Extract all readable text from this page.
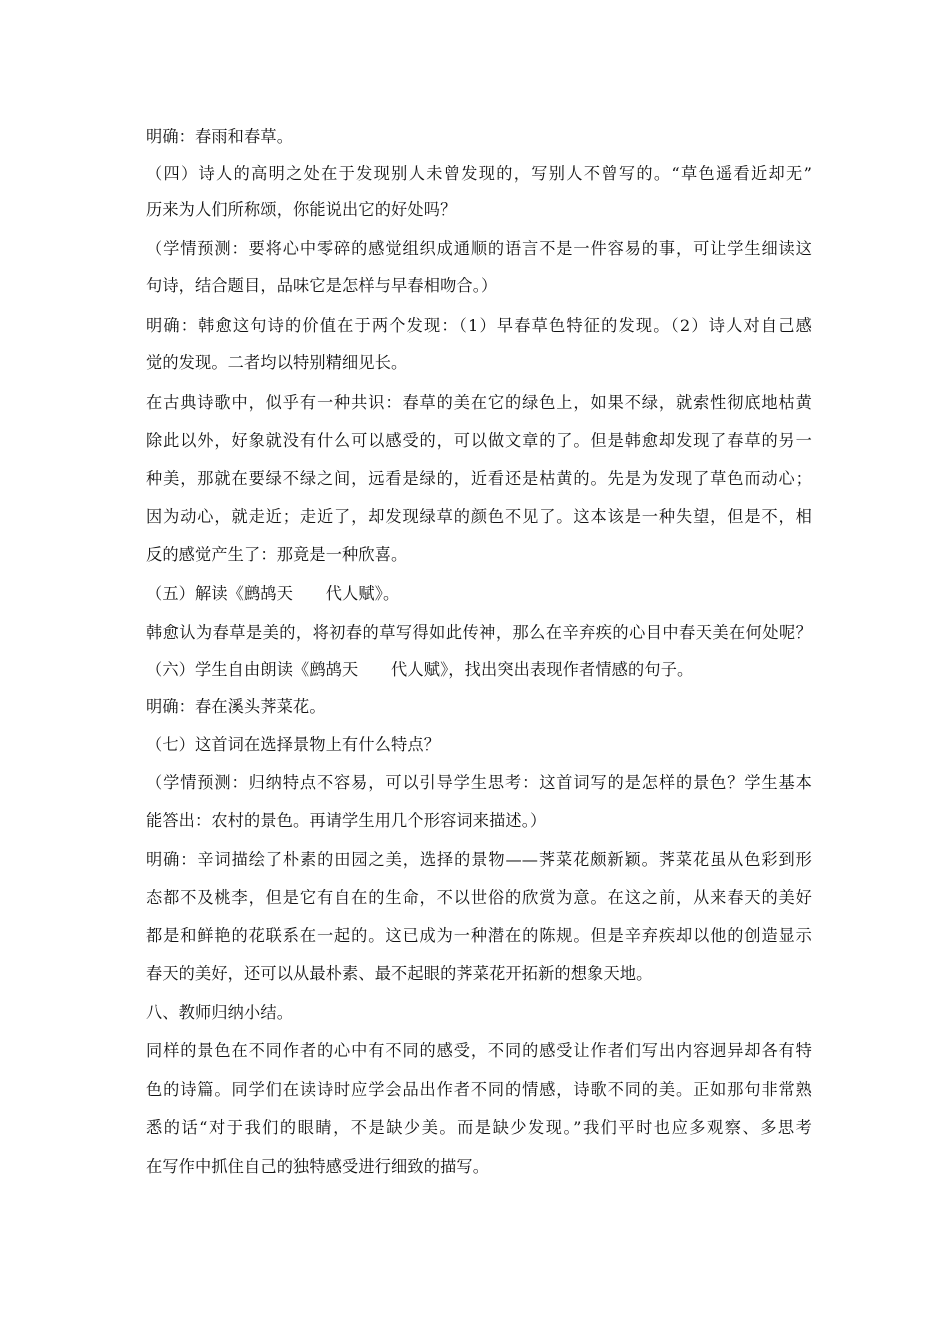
明确：春雨和春草。
（四）诗人的高明之处在于发现别人未曾发现的，写别人不曾写的。“草色遥看近却无”
历来为人们所称颂，你能说出它的好处吗？
（学情预测：要将心中零碎的感觉组织成通顺的语言不是一件容易的事，可让学生细读这
句诗，结合题目，品味它是怎样与早春相吻合。）
明确：韩愈这句诗的价值在于两个发现：（1）早春草色特征的发现。（2）诗人对自己感
觉的发现。二者均以特别精细见长。
在古典诗歌中，似乎有一种共识：春草的美在它的绿色上，如果不绿，就索性彻底地枯黄
除此以外，好象就没有什么可以感受的，可以做文章的了。但是韩愈却发现了春草的另一
种美，那就在要绿不绿之间，远看是绿的，近看还是枯黄的。先是为发现了草色而动心；
因为动心，就走近；走近了，却发现绿草的颜色不见了。这本该是一种失望，但是不，相
反的感觉产生了：那竟是一种欣喜。
（五）解读《鹧鸪天　　代人赋》。
韩愈认为春草是美的，将初春的草写得如此传神，那么在辛弃疾的心目中春天美在何处呢？
（六）学生自由朗读《鹧鸪天　　代人赋》，找出突出表现作者情感的句子。
明确：春在溪头荠菜花。
（七）这首词在选择景物上有什么特点？
（学情预测：归纳特点不容易，可以引导学生思考：这首词写的是怎样的景色？学生基本
能答出：农村的景色。再请学生用几个形容词来描述。）
明确：辛词描绘了朴素的田园之美，选择的景物——荠菜花颇新颖。荠菜花虽从色彩到形
态都不及桃李，但是它有自在的生命，不以世俗的欣赏为意。在这之前，从来春天的美好
都是和鲜艳的花联系在一起的。这已成为一种潜在的陈规。但是辛弃疾却以他的创造显示
春天的美好，还可以从最朴素、最不起眼的荠菜花开拓新的想象天地。
八、教师归纳小结。
同样的景色在不同作者的心中有不同的感受，不同的感受让作者们写出内容迥异却各有特
色的诗篇。同学们在读诗时应学会品出作者不同的情感，诗歌不同的美。正如那句非常熟
悉的话“对于我们的眼睛，不是缺少美。而是缺少发现。”我们平时也应多观察、多思考
在写作中抓住自己的独特感受进行细致的描写。
